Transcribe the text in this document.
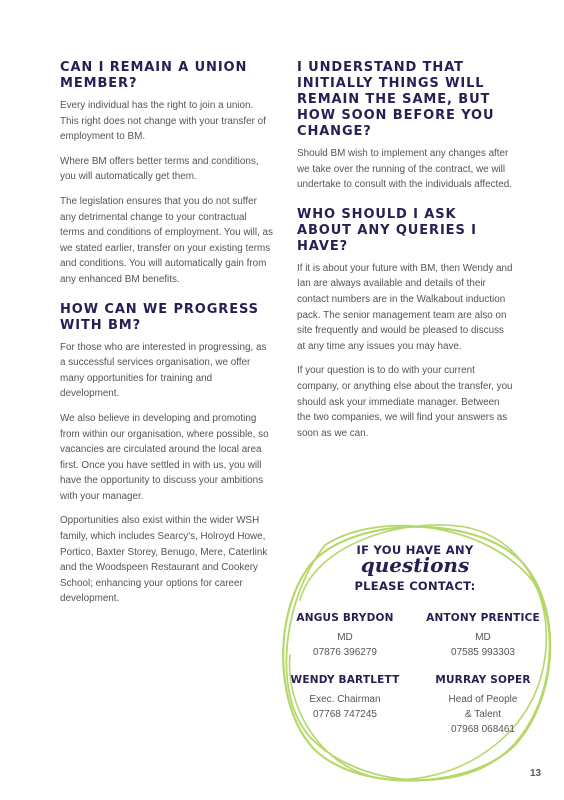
CAN I REMAIN A UNION MEMBER?

Every individual has the right to join a union. This right does not change with your transfer of employment to BM.

Where BM offers better terms and conditions, you will automatically get them.

The legislation ensures that you do not suffer any detrimental change to your contractual terms and conditions of employment. You will, as we stated earlier, transfer on your existing terms and conditions. You will automatically gain from any enhanced BM benefits.

HOW CAN WE PROGRESS WITH BM?

For those who are interested in progressing, as a successful services organisation, we offer many opportunities for training and development.

We also believe in developing and promoting from within our organisation, where possible, so vacancies are circulated around the local area first. Once you have settled in with us, you will have the opportunity to discuss your ambitions with your manager.

Opportunities also exist within the wider WSH family, which includes Searcy's, Holroyd Howe, Portico, Baxter Storey, Benugo, Mere, Caterlink and the Woodspeen Restaurant and Cookery School; enhancing your options for career development.

I UNDERSTAND THAT INITIALLY THINGS WILL REMAIN THE SAME, BUT HOW SOON BEFORE YOU CHANGE?

Should BM wish to implement any changes after we take over the running of the contract, we will undertake to consult with the individuals affected.

WHO SHOULD I ASK ABOUT ANY QUERIES I HAVE?

If it is about your future with BM, then Wendy and Ian are always available and details of their contact numbers are in the Walkabout induction pack. The senior management team are also on site frequently and would be pleased to discuss at any time any issues you may have.

If your question is to do with your current company, or anything else about the transfer, you should ask your immediate manager. Between the two companies, we will find your answers as soon as we can.

IF YOU HAVE ANY
questions
PLEASE CONTACT:
ANGUS BRYDON
MD
07876 396279
ANTONY PRENTICE
MD
07585 993303
WENDY BARTLETT
Exec. Chairman
07768 747245
MURRAY SOPER
Head of People
& Talent
07968 068461
13
